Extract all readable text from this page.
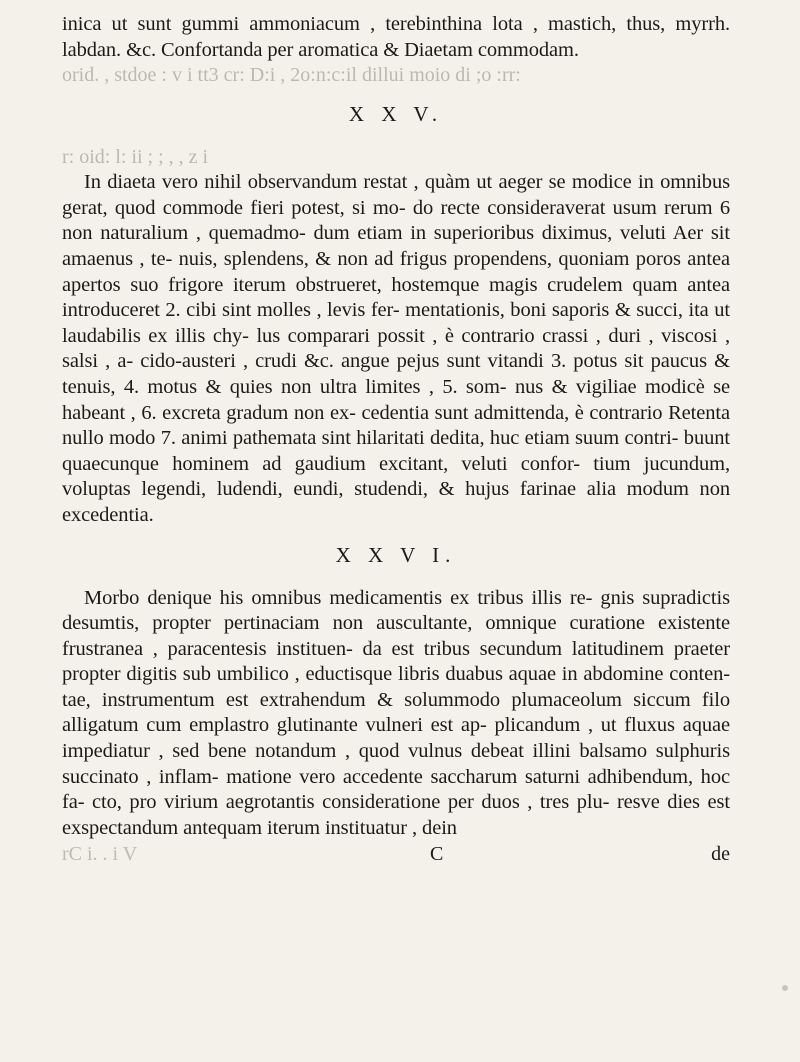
inica ut sunt gummi ammoniacum , terebinthina lota , mastich, thus, myrrh. labdan. &c. Confortanda per aromatica & Diaetam commodam.

orid. , stdoe : v i tt3 cr: D:i , 2o:n:c:il dillui moio di ;o :rr:

X X V.

r: oid: l: ii ; ; , , z i

In diaeta vero nihil observandum restat , quàm ut aeger se modice in omnibus gerat, quod commode fieri potest, si mo- do recte consideraverat usum rerum 6 non naturalium , quemadmo- dum etiam in superioribus diximus, veluti Aer sit amaenus , te- nuis, splendens, & non ad frigus propendens, quoniam poros antea apertos suo frigore iterum obstrueret, hostemque magis crudelem quam antea introduceret 2. cibi sint molles , levis fer- mentationis, boni saporis & succi, ita ut laudabilis ex illis chy- lus comparari possit , è contrario crassi , duri , viscosi , salsi , a- cido-austeri , crudi &c. angue pejus sunt vitandi 3. potus sit paucus & tenuis, 4. motus & quies non ultra limites , 5. som- nus & vigiliae modicè se habeant , 6. excreta gradum non ex- cedentia sunt admittenda, è contrario Retenta nullo modo 7. animi pathemata sint hilaritati dedita, huc etiam suum contri- buunt quaecunque hominem ad gaudium excitant, veluti confor- tium jucundum, voluptas legendi, ludendi, eundi, studendi, & hujus farinae alia modum non excedentia.

X X V I.

Morbo denique his omnibus medicamentis ex tribus illis re- gnis supradictis desumtis, propter pertinaciam non auscultante, omnique curatione existente frustranea , paracentesis instituen- da est tribus secundum latitudinem praeter propter digitis sub umbilico , eductisque libris duabus aquae in abdomine conten- tae, instrumentum est extrahendum & solummodo plumaceolum siccum filo alligatum cum emplastro glutinante vulneri est ap- plicandum , ut fluxus aquae impediatur , sed bene notandum , quod vulnus debeat illini balsamo sulphuris succinato , inflam- matione vero accedente saccharum saturni adhibendum, hoc fa- cto, pro virium aegrotantis consideratione per duos , tres plu- resve dies est exspectandum antequam iterum instituatur , dein

rC i. . i V	C	de
